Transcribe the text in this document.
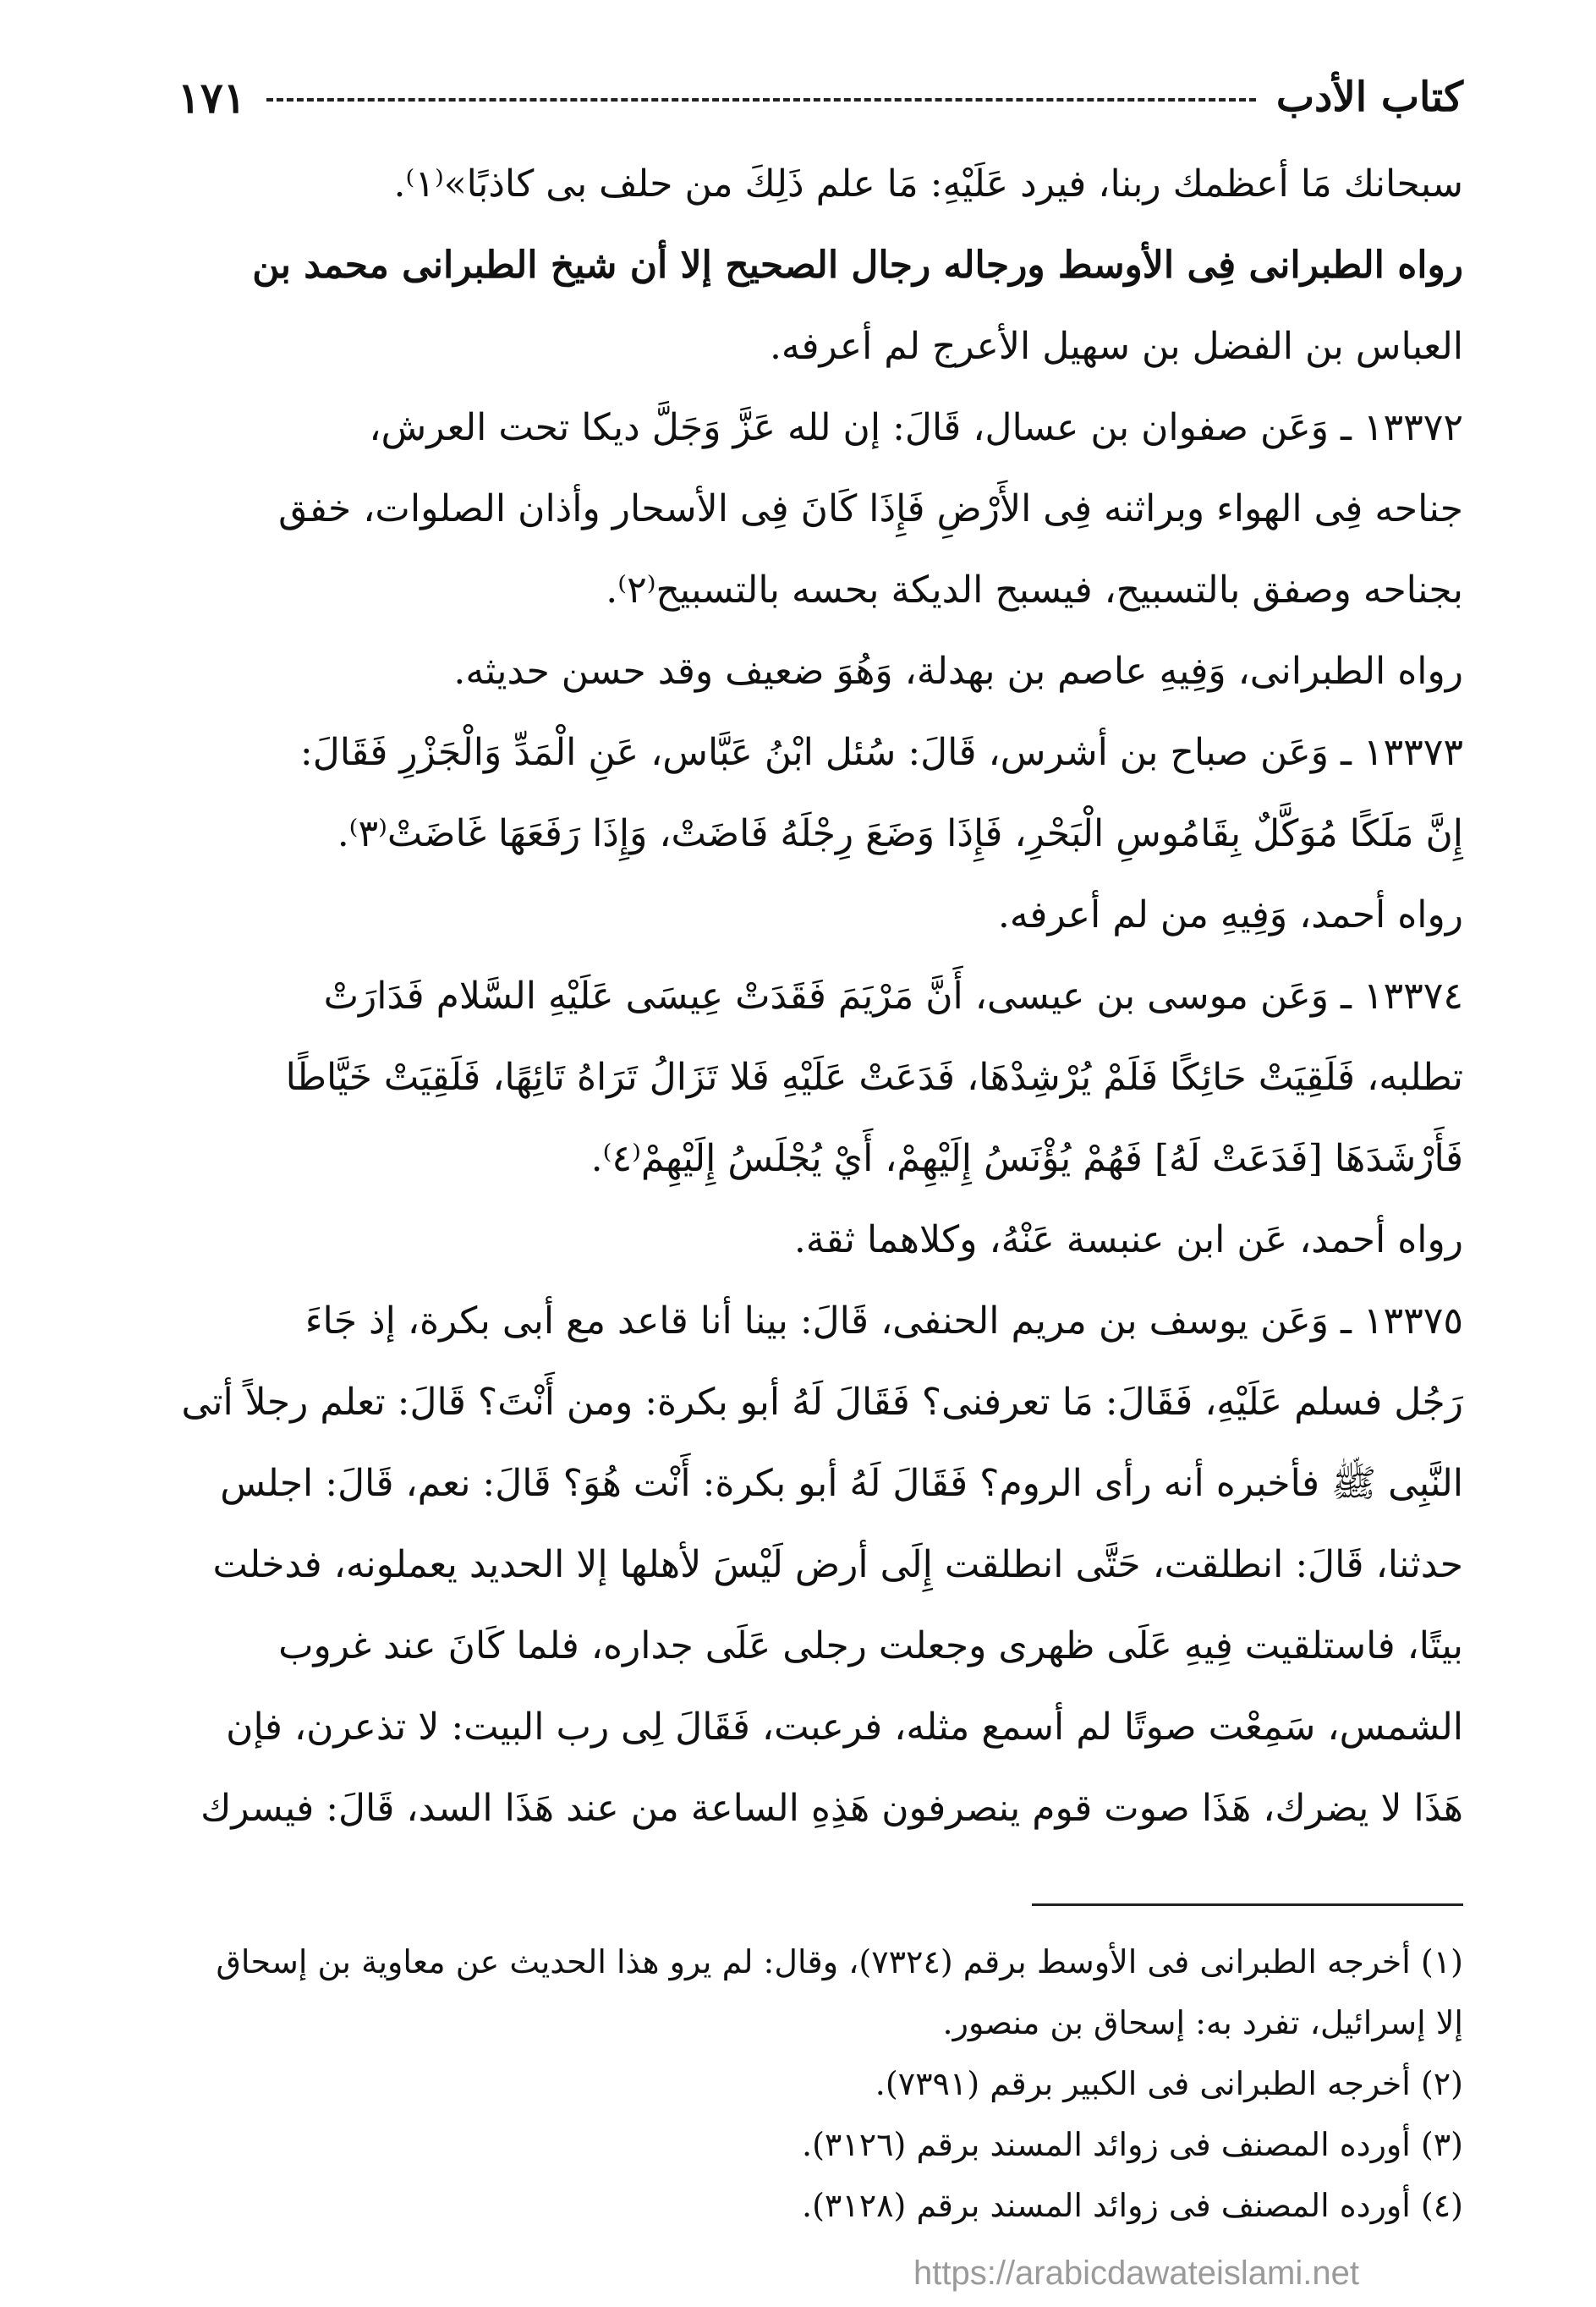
كتاب الأدب
١٧١

سبحانك مَا أعظمك ربنا، فيرد عَلَيْهِ: مَا علم ذَلِكَ من حلف بى كاذبًا»⁽١⁾.

رواه الطبرانى فِى الأوسط ورجاله رجال الصحيح إلا أن شيخ الطبرانى محمد بن

العباس بن الفضل بن سهيل الأعرج لم أعرفه.

١٣٣٧٢ ـ وَعَن صفوان بن عسال، قَالَ: إن لله عَزَّ وَجَلَّ ديكا تحت العرش،

جناحه فِى الهواء وبراثنه فِى الأَرْضِ فَإِذَا كَانَ فِى الأسحار وأذان الصلوات، خفق

بجناحه وصفق بالتسبيح، فيسبح الديكة بحسه بالتسبيح⁽٢⁾.

رواه الطبرانى، وَفِيهِ عاصم بن بهدلة، وَهُوَ ضعيف وقد حسن حديثه.

١٣٣٧٣ ـ وَعَن صباح بن أشرس، قَالَ: سُئل ابْنُ عَبَّاس، عَنِ الْمَدِّ وَالْجَزْرِ فَقَالَ:

إِنَّ مَلَكًا مُوَكَّلٌ بِقَامُوسِ الْبَحْرِ، فَإِذَا وَضَعَ رِجْلَهُ فَاضَتْ، وَإِذَا رَفَعَهَا غَاضَتْ⁽٣⁾.

رواه أحمد، وَفِيهِ من لم أعرفه.

١٣٣٧٤ ـ وَعَن موسى بن عيسى، أَنَّ مَرْيَمَ فَقَدَتْ عِيسَى عَلَيْهِ السَّلام فَدَارَتْ

تطلبه، فَلَقِيَتْ حَائِكًا فَلَمْ يُرْشِدْهَا، فَدَعَتْ عَلَيْهِ فَلا تَزَالُ تَرَاهُ تَائِهًا، فَلَقِيَتْ خَيَّاطًا

فَأَرْشَدَهَا [فَدَعَتْ لَهُ] فَهُمْ يُؤْنَسُ إِلَيْهِمْ، أَيْ يُجْلَسُ إِلَيْهِمْ⁽٤⁾.

رواه أحمد، عَن ابن عنبسة عَنْهُ، وكلاهما ثقة.

١٣٣٧٥ ـ وَعَن يوسف بن مريم الحنفى، قَالَ: بينا أنا قاعد مع أبى بكرة، إذ جَاءَ

رَجُل فسلم عَلَيْهِ، فَقَالَ: مَا تعرفنى؟ فَقَالَ لَهُ أبو بكرة: ومن أَنْتَ؟ قَالَ: تعلم رجلاً أتى

النَّبِى ﷺ فأخبره أنه رأى الروم؟ فَقَالَ لَهُ أبو بكرة: أَنْت هُوَ؟ قَالَ: نعم، قَالَ: اجلس

حدثنا، قَالَ: انطلقت، حَتَّى انطلقت إِلَى أرض لَيْسَ لأهلها إلا الحديد يعملونه، فدخلت

بيتًا، فاستلقيت فِيهِ عَلَى ظهرى وجعلت رجلى عَلَى جداره، فلما كَانَ عند غروب

الشمس، سَمِعْت صوتًا لم أسمع مثله، فرعبت، فَقَالَ لِى رب البيت: لا تذعرن، فإن

هَذَا لا يضرك، هَذَا صوت قوم ينصرفون هَذِهِ الساعة من عند هَذَا السد، قَالَ: فيسرك

(١) أخرجه الطبرانى فى الأوسط برقم (٧٣٢٤)، وقال: لم يرو هذا الحديث عن معاوية بن إسحاق

إلا إسرائيل، تفرد به: إسحاق بن منصور.

(٢) أخرجه الطبرانى فى الكبير برقم (٧٣٩١).

(٣) أورده المصنف فى زوائد المسند برقم (٣١٢٦).

(٤) أورده المصنف فى زوائد المسند برقم (٣١٢٨).

https://arabicdawateislami.net
